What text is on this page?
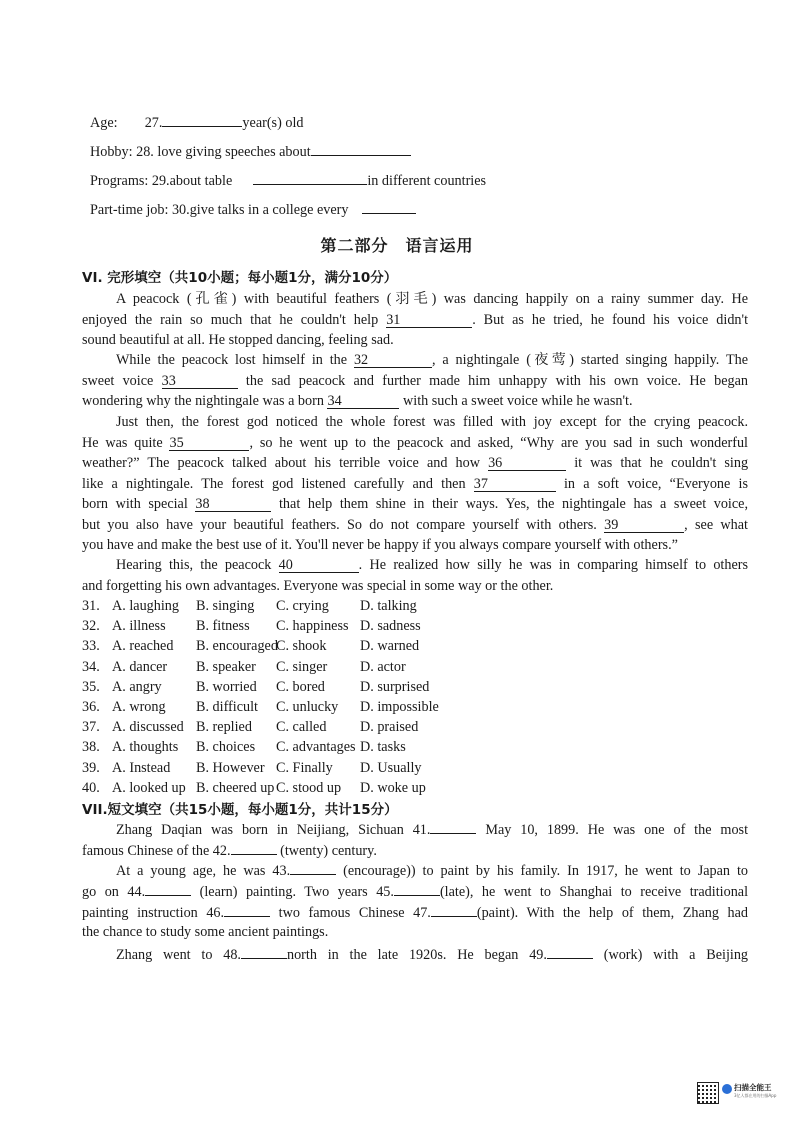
Age: 27.	year(s) old
Hobby: 28. love giving speeches about
Programs: 29.about table	in different countries
Part-time job: 30.give talks in a college every
第二部分　语言运用
VI. 完形填空（共10小题；每小题1分，满分10分）
A peacock (孔雀) with beautiful feathers (羽毛) was dancing happily on a rainy summer day. He
enjoyed the rain so much that he couldn't help 31	. But as he tried, he found his voice didn't
sound beautiful at all. He stopped dancing, feeling sad.
While the peacock lost himself in the 32	, a nightingale (夜莺) started singing happily. The
sweet voice 33	the sad peacock and further made him unhappy with his own voice. He began
wondering why the nightingale was a born 34	with such a sweet voice while he wasn't.
Just then, the forest god noticed the whole forest was filled with joy except for the crying peacock.
He was quite 35	, so he went up to the peacock and asked, “Why are you sad in such wonderful
weather?” The peacock talked about his terrible voice and how 36	it was that he couldn't sing
like a nightingale. The forest god listened carefully and then 37	in a soft voice, “Everyone is
born with special 38	that help them shine in their ways. Yes, the nightingale has a sweet voice,
but you also have your beautiful feathers. So do not compare yourself with others. 39	, see what
you have and make the best use of it. You'll never be happy if you always compare yourself with others.”
Hearing this, the peacock 40	. He realized how silly he was in comparing himself to others
and forgetting his own advantages. Everyone was special in some way or the other.
31. A. laughing B. singing C. crying D. talking
32. A. illness B. fitness C. happiness D. sadness
33. A. reached B. encouragedC. shook D. warned
34. A. dancer B. speaker C. singer D. actor
35. A. angry B. worried C. bored D. surprised
36. A. wrong B. difficult C. unlucky D. impossible
37. A. discussed B. replied C. called D. praised
38. A. thoughts B. choices C. advantages D. tasks
39. A. Instead B. However C. Finally D. Usually
40. A. looked up B. cheered up C. stood up D. woke up
VII.短文填空（共15小题，每小题1分，共计15分）
Zhang Daqian was born in Neijiang, Sichuan 41.	May 10, 1899. He was one of the most
famous Chinese of the 42.	(twenty) century.
At a young age, he was 43.	(encourage)) to paint by his family. In 1917, he went to Japan to
go on 44.	(learn) painting. Two years 45.	(late), he went to Shanghai to receive traditional
painting instruction 46.	two famous Chinese 47.	(paint). With the help of them, Zhang had
the chance to study some ancient paintings.
Zhang went to 48.	north in the late 1920s. He began 49.	(work) with a Beijing
扫描全能王
3亿人都在用的扫描App
